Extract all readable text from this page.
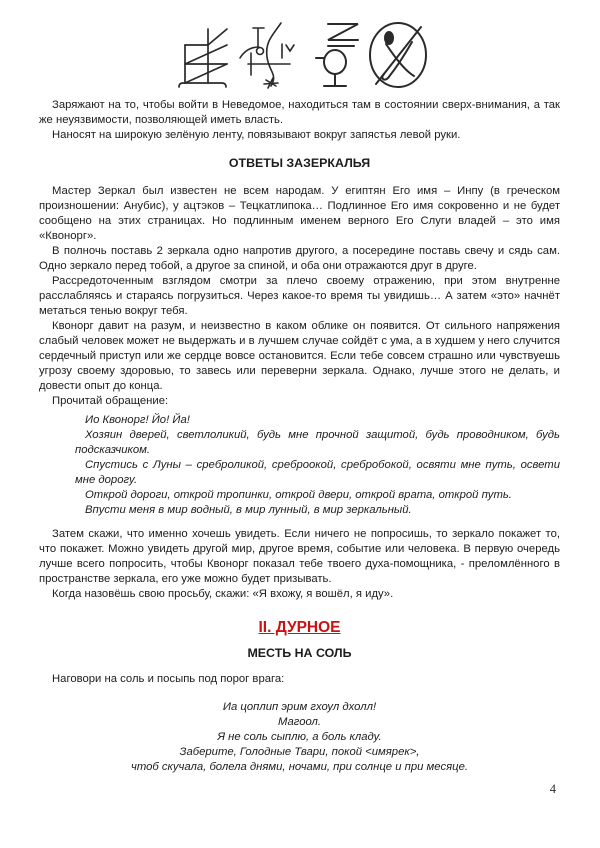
Заряжают на то, чтобы войти в Неведомое, находиться там в состоянии сверх-внимания, а так же неуязвимости, позволяющей иметь власть.

Наносят на широкую зелёную ленту, повязывают вокруг запястья левой руки.

ОТВЕТЫ ЗАЗЕРКАЛЬЯ

Мастер Зеркал был известен не всем народам. У египтян Его имя – Инпу (в греческом произношении: Анубис), у ацтэков – Тецкатлипока… Подлинное Его имя сокровенно и не будет сообщено на этих страницах. Но подлинным именем верного Его Слуги владей – это имя «Квонорг».

В полночь поставь 2 зеркала одно напротив другого, а посередине поставь свечу и сядь сам. Одно зеркало перед тобой, а другое за спиной, и оба они отражаются друг в друге.

Рассредоточенным взглядом смотри за плечо своему отражению, при этом внутренне расслабляясь и стараясь погрузиться. Через какое-то время ты увидишь… А затем «это» начнёт метаться тенью вокруг тебя.

Квонорг давит на разум, и неизвестно в каком облике он появится. От сильного напряжения слабый человек может не выдержать и в лучшем случае сойдёт с ума, а в худшем у него случится сердечный приступ или же сердце вовсе остановится. Если тебе совсем страшно или чувствуешь угрозу своему здоровью, то завесь или переверни зеркала. Однако, лучше этого не делать, и довести опыт до конца.

Прочитай обращение:

Ио Квонорг! Йо! Йа!

Хозяин дверей, светлоликий, будь мне прочной защитой, будь проводником, будь подсказчиком.

Спустись с Луны – среброликой, среброокой, сребробокой, освяти мне путь, освети мне дорогу.

Открой дороги, открой тропинки, открой двери, открой врата, открой путь.

Впусти меня в мир водный, в мир лунный, в мир зеркальный.

Затем скажи, что именно хочешь увидеть. Если ничего не попросишь, то зеркало покажет то, что покажет. Можно увидеть другой мир, другое время, событие или человека. В первую очередь лучше всего попросить, чтобы Квонорг показал тебе твоего духа-помощника, - преломлённого в пространстве зеркала, его уже можно будет призывать.

Когда назовёшь свою просьбу, скажи: «Я вхожу, я вошёл, я иду».

II. ДУРНОЕ
МЕСТЬ НА СОЛЬ

Наговори на соль и посыпь под порог врага:

Иа цоплип эрим гхоул дхолл!

Магоол.

Я не соль сыплю, а боль кладу.

Заберите, Голодные Твари, покой <имярек>,

чтоб скучала, болела днями, ночами, при солнце и при месяце.

4
